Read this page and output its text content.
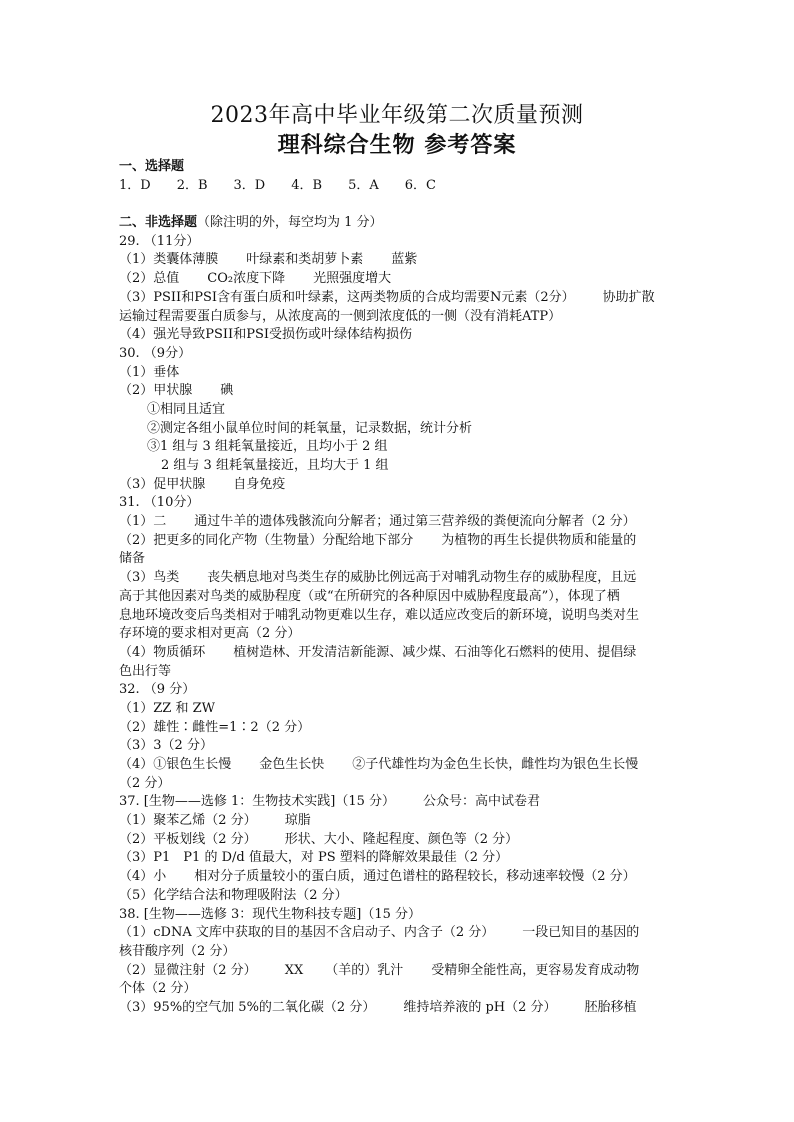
2023年高中毕业年级第二次质量预测
理科综合生物 参考答案
一、选择题
1．D 2．B 3．D 4．B 5．A 6．C
二、非选择题（除注明的外，每空均为 1 分）
29. （11分）
（1）类囊体薄膜 叶绿素和类胡萝卜素 蓝紫
（2）总值 CO₂浓度下降 光照强度增大
（3）PSII和PSI含有蛋白质和叶绿素，这两类物质的合成均需要N元素（2分） 协助扩散
运输过程需要蛋白质参与，从浓度高的一侧到浓度低的一侧（没有消耗ATP）
（4）强光导致PSII和PSI受损伤或叶绿体结构损伤
30. （9分）
（1）垂体
（2）甲状腺 碘
①相同且适宜
②测定各组小鼠单位时间的耗氧量，记录数据，统计分析
③1 组与 3 组耗氧量接近，且均小于 2 组
2 组与 3 组耗氧量接近，且均大于 1 组
（3）促甲状腺 自身免疫
31. （10分）
（1）二 通过牛羊的遗体残骸流向分解者；通过第三营养级的粪便流向分解者（2 分）
（2）把更多的同化产物（生物量）分配给地下部分 为植物的再生长提供物质和能量的
储备
（3）鸟类 丧失栖息地对鸟类生存的威胁比例远高于对哺乳动物生存的威胁程度，且远
高于其他因素对鸟类的威胁程度（或“在所研究的各种原因中威胁程度最高”），体现了栖
息地环境改变后鸟类相对于哺乳动物更难以生存，难以适应改变后的新环境，说明鸟类对生
存环境的要求相对更高（2 分）
（4）物质循环 植树造林、开发清洁新能源、减少煤、石油等化石燃料的使用、提倡绿
色出行等
32. （9 分）
（1）ZZ 和 ZW
（2）雄性∶雌性=1∶2（2 分）
（3）3（2 分）
（4）①银色生长慢 金色生长快 ②子代雄性均为金色生长快，雌性均为银色生长慢
（2 分）
37. [生物——选修 1：生物技术实践]（15 分） 公众号：高中试卷君
（1）聚苯乙烯（2 分） 琼脂
（2）平板划线（2 分） 形状、大小、隆起程度、颜色等（2 分）
（3）P1　P1 的 D/d 值最大，对 PS 塑料的降解效果最佳（2 分）
（4）小 相对分子质量较小的蛋白质，通过色谱柱的路程较长，移动速率较慢（2 分）
（5）化学结合法和物理吸附法（2 分）
38. [生物——选修 3：现代生物科技专题]（15 分）
（1）cDNA 文库中获取的目的基因不含启动子、内含子（2 分） 一段已知目的基因的
核苷酸序列（2 分）
（2）显微注射（2 分） XX （羊的）乳汁 受精卵全能性高，更容易发育成动物
个体（2 分）
（3）95%的空气加 5%的二氧化碳（2 分） 维持培养液的 pH（2 分） 胚胎移植
